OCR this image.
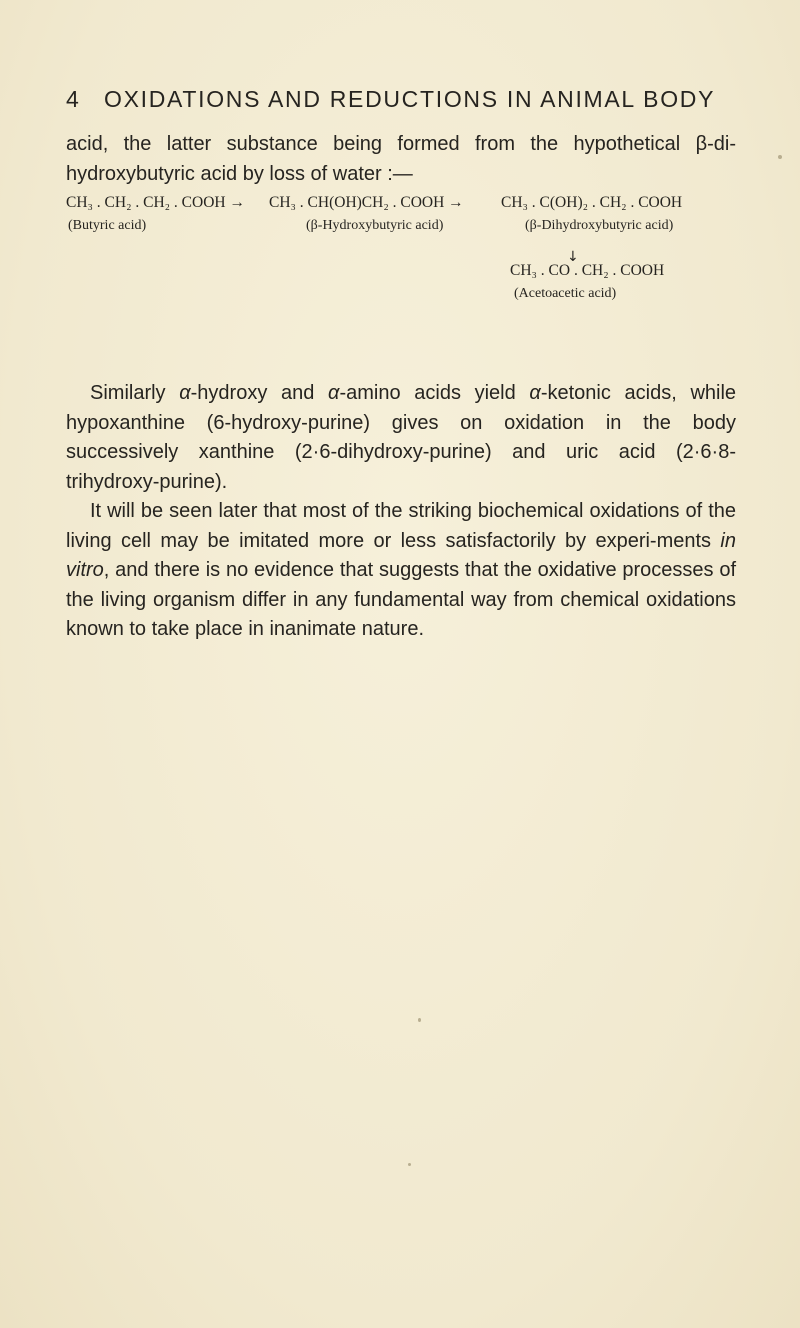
4 OXIDATIONS AND REDUCTIONS IN ANIMAL BODY

acid, the latter substance being formed from the hypothetical β-di-hydroxybutyric acid by loss of water :—

CH₃ . CH₂ . CH₂ . COOH → CH₃ . CH(OH)CH₂ . COOH → CH₃ . C(OH)₂ . CH₂ . COOH
(Butyric acid)	(β-Hydroxybutyric acid)	(β-Dihydroxybutyric acid)
↓
CH₃ . CO . CH₂ . COOH
(Acetoacetic acid)

Similarly α-hydroxy and α-amino acids yield α-ketonic acids, while hypoxanthine (6-hydroxy-purine) gives on oxidation in the body successively xanthine (2·6-dihydroxy-purine) and uric acid (2·6·8-trihydroxy-purine).

It will be seen later that most of the striking biochemical oxidations of the living cell may be imitated more or less satisfactorily by experi-ments in vitro, and there is no evidence that suggests that the oxidative processes of the living organism differ in any fundamental way from chemical oxidations known to take place in inanimate nature.
